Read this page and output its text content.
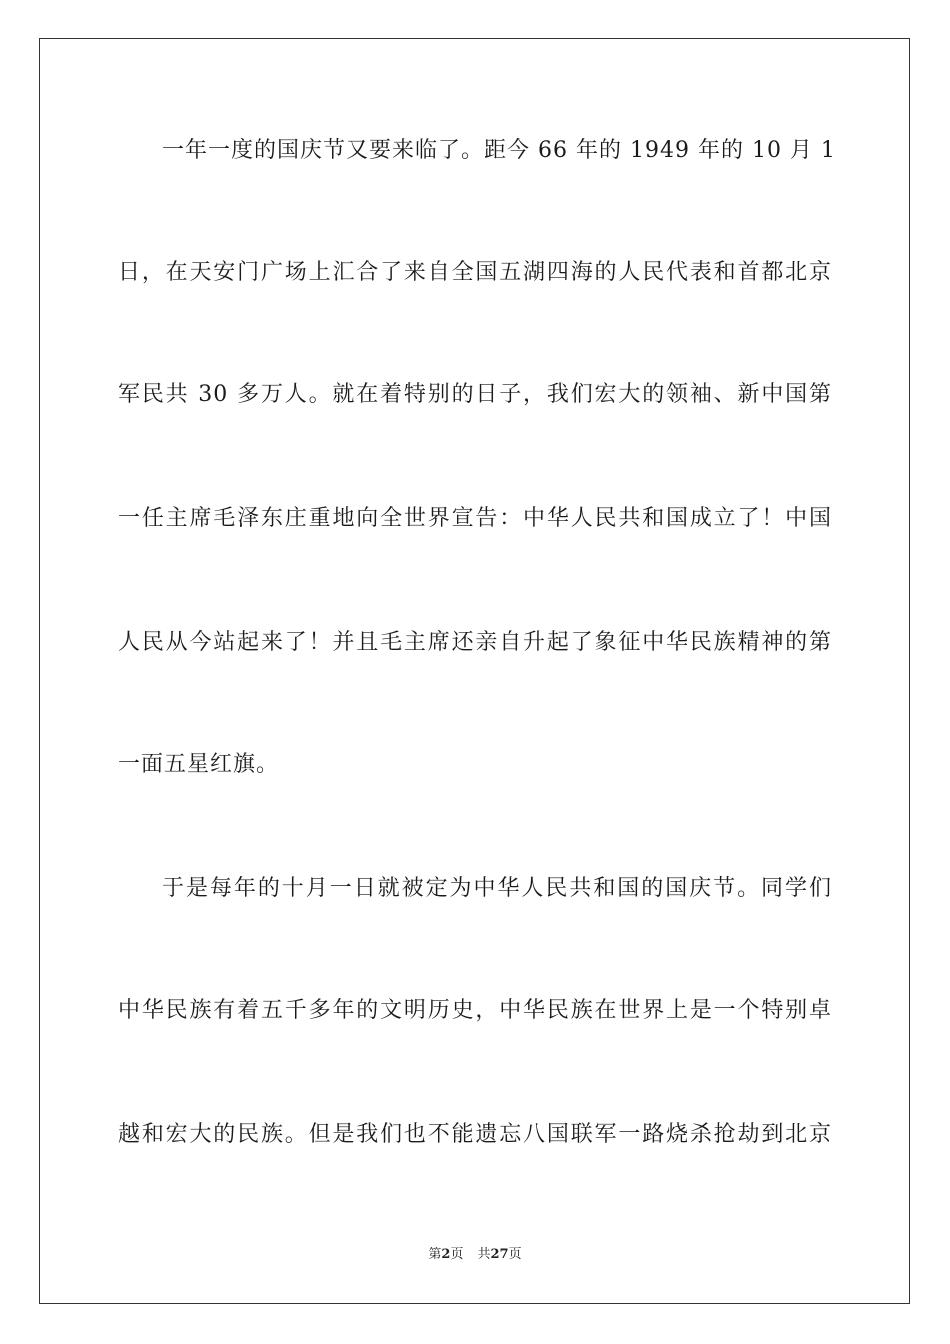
一年一度的国庆节又要来临了。距今 66 年的 1949 年的 10 月 1
日，在天安门广场上汇合了来自全国五湖四海的人民代表和首都北京
军民共 30 多万人。就在着特别的日子，我们宏大的领袖、新中国第
一任主席毛泽东庄重地向全世界宣告：中华人民共和国成立了！中国
人民从今站起来了！并且毛主席还亲自升起了象征中华民族精神的第
一面五星红旗。
于是每年的十月一日就被定为中华人民共和国的国庆节。同学们
中华民族有着五千多年的文明历史，中华民族在世界上是一个特别卓
越和宏大的民族。但是我们也不能遗忘八国联军一路烧杀抢劫到北京
第2页 共27页
